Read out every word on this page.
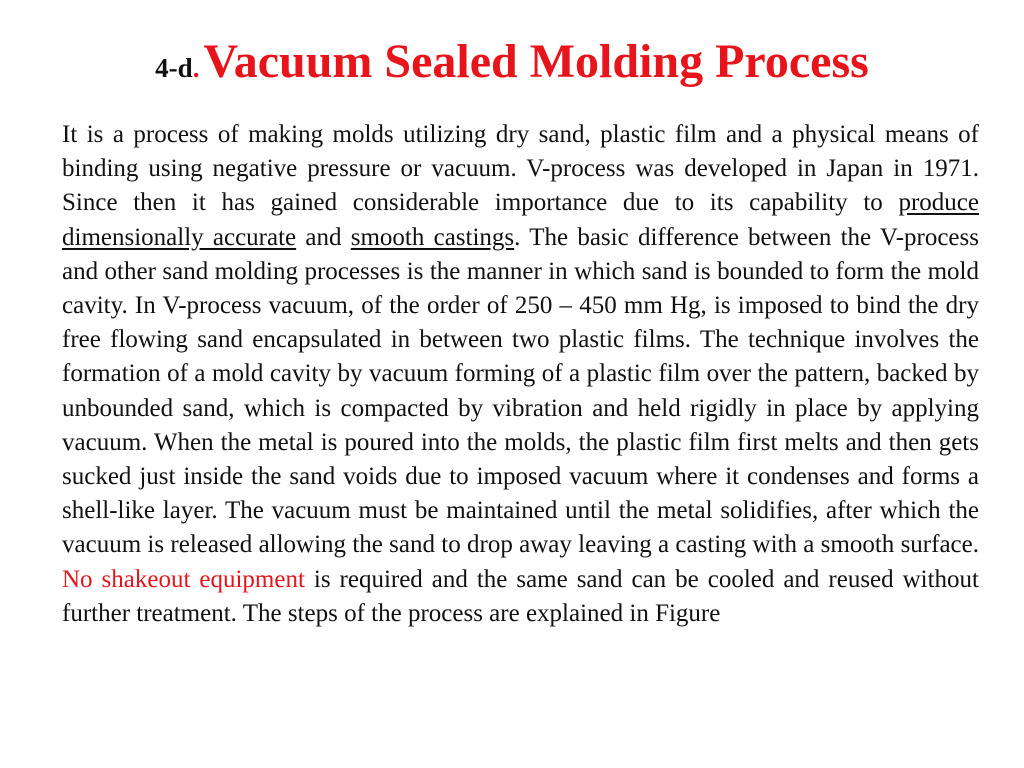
4-d. Vacuum Sealed Molding Process

It is a process of making molds utilizing dry sand, plastic film and a physical means of binding using negative pressure or vacuum. V-process was developed in Japan in 1971. Since then it has gained considerable importance due to its capability to produce dimensionally accurate and smooth castings. The basic difference between the V-process and other sand molding processes is the manner in which sand is bounded to form the mold cavity. In V-process vacuum, of the order of 250 – 450 mm Hg, is imposed to bind the dry free flowing sand encapsulated in between two plastic films. The technique involves the formation of a mold cavity by vacuum forming of a plastic film over the pattern, backed by unbounded sand, which is compacted by vibration and held rigidly in place by applying vacuum. When the metal is poured into the molds, the plastic film first melts and then gets sucked just inside the sand voids due to imposed vacuum where it condenses and forms a shell-like layer. The vacuum must be maintained until the metal solidifies, after which the vacuum is released allowing the sand to drop away leaving a casting with a smooth surface. No shakeout equipment is required and the same sand can be cooled and reused without further treatment. The steps of the process are explained in Figure
